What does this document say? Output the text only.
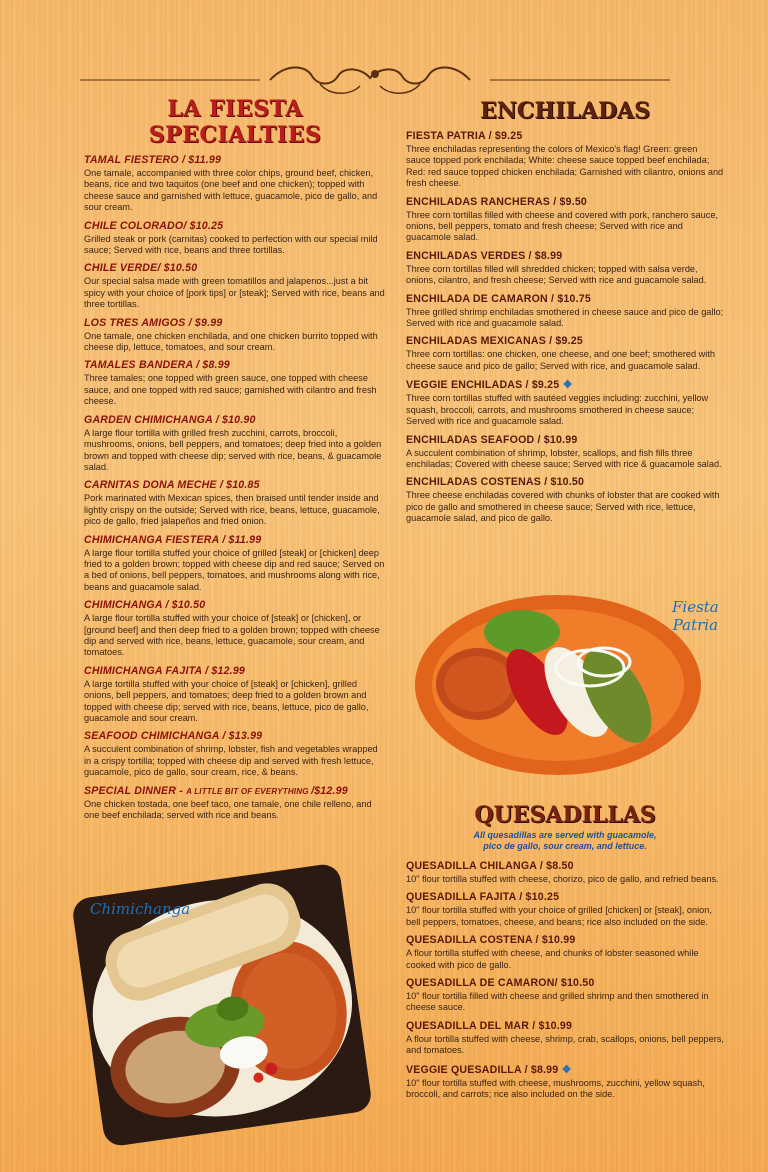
LA FIESTA SPECIALTIES
TAMAL FIESTERO / $11.99
One tamale, accompanied with three color chips, ground beef, chicken, beans, rice and two taquitos (one beef and one chicken); topped with cheese sauce and garnished with lettuce, guacamole, pico de gallo, and sour cream.
CHILE COLORADO/ $10.25
Grilled steak or pork (carnitas) cooked to perfection with our special mild sauce; Served with rice, beans and three tortillas.
CHILE VERDE/ $10.50
Our special salsa made with green tomatillos and jalapenos...just a bit spicy with your choice of [pork tips] or [steak]; Served with rice, beans and three tortillas.
LOS TRES AMIGOS / $9.99
One tamale, one chicken enchilada, and one chicken burrito topped with cheese dip, lettuce, tomatoes, and sour cream.
TAMALES BANDERA / $8.99
Three tamales; one topped with green sauce, one topped with cheese sauce, and one topped with red sauce; garnished with cilantro and fresh cheese.
GARDEN CHIMICHANGA / $10.90
A large flour tortilla with grilled fresh zucchini, carrots, broccoli, mushrooms, onions, bell peppers, and tomatoes; deep fried into a golden brown and topped with cheese dip; served with rice, beans, & guacamole salad.
CARNITAS DONA MECHE / $10.85
Pork marinated with Mexican spices, then braised until tender inside and lightly crispy on the outside; Served with rice, beans, lettuce, guacamole, pico de gallo, fried jalapeños and fried onion.
CHIMICHANGA FIESTERA / $11.99
A large flour tortilla stuffed your choice of grilled [steak] or [chicken] deep fried to a golden brown; topped with cheese dip and red sauce; Served on a bed of onions, bell peppers, tomatoes, and mushrooms along with rice, beans and guacamole salad.
CHIMICHANGA / $10.50
A large flour tortilla stuffed with your choice of [steak] or [chicken], or [ground beef] and then deep fried to a golden brown; topped with cheese dip and served with rice, beans, lettuce, guacamole, sour cream, and tomatoes.
CHIMICHANGA FAJITA / $12.99
A large tortilla stuffed with your choice of [steak] or [chicken], grilled onions, bell peppers, and tomatoes; deep fried to a golden brown and topped with cheese dip; served with rice, beans, lettuce, pico de gallo, guacamole and sour cream.
SEAFOOD CHIMICHANGA / $13.99
A succulent combination of shrimp, lobster, fish and vegetables wrapped in a crispy tortilla; topped with cheese dip and served with fresh lettuce, guacamole, pico de gallo, sour cream, rice, & beans.
SPECIAL DINNER - A LITTLE BIT OF EVERYTHING /$12.99
One chicken tostada, one beef taco, one tamale, one chile relleno, and one beef enchilada; served with rice and beans.
Chimichanga
ENCHILADAS
FIESTA PATRIA / $9.25
Three enchiladas representing the colors of Mexico's flag! Green: green sauce topped pork enchilada; White: cheese sauce topped beef enchilada; Red: red sauce topped chicken enchilada; Garnished with cilantro, onions and fresh cheese.
ENCHILADAS RANCHERAS / $9.50
Three corn tortillas filled with cheese and covered with pork, ranchero sauce, onions, bell peppers, tomato and fresh cheese; Served with rice and guacamole salad.
ENCHILADAS VERDES / $8.99
Three corn tortillas filled will shredded chicken; topped with salsa verde, onions, cilantro, and fresh cheese; Served with rice and guacamole salad.
ENCHILADA DE CAMARON / $10.75
Three grilled shrimp enchiladas smothered in cheese sauce and pico de gallo; Served with rice and guacamole salad.
ENCHILADAS MEXICANAS / $9.25
Three corn tortillas: one chicken, one cheese, and one beef; smothered with cheese sauce and pico de gallo; Served with rice, and guacamole salad.
VEGGIE ENCHILADAS / $9.25 ❖
Three corn tortillas stuffed with sautéed veggies including: zucchini, yellow squash, broccoli, carrots, and mushrooms smothered in cheese sauce; Served with rice and guacamole salad.
ENCHILADAS SEAFOOD / $10.99
A succulent combination of shrimp, lobster, scallops, and fish fills three enchiladas; Covered with cheese sauce; Served with rice & guacamole salad.
ENCHILADAS COSTENAS / $10.50
Three cheese enchiladas covered with chunks of lobster that are cooked with pico de gallo and smothered in cheese sauce; Served with rice, lettuce, guacamole salad, and pico de gallo.
Fiesta
Patria
QUESADILLAS
All quesadillas are served with guacamole,
pico de gallo, sour cream, and lettuce.
QUESADILLA CHILANGA / $8.50
10" flour tortilla stuffed with cheese, chorizo, pico de gallo, and refried beans.
QUESADILLA FAJITA / $10.25
10" flour tortilla stuffed with your choice of grilled [chicken] or [steak], onion, bell peppers, tomatoes, cheese, and beans; rice also included on the side.
QUESADILLA COSTENA / $10.99
A flour tortilla stuffed with cheese, and chunks of lobster seasoned while cooked with pico de gallo.
QUESADILLA DE CAMARON/ $10.50
10" flour tortilla filled with cheese and grilled shrimp and then smothered in cheese sauce.
QUESADILLA DEL MAR / $10.99
A flour tortilla stuffed with cheese, shrimp, crab, scallops, onions, bell peppers, and tomatoes.
VEGGIE QUESADILLA / $8.99 ❖
10" flour tortilla stuffed with cheese, mushrooms, zucchini, yellow squash, broccoli, and carrots; rice also included on the side.
